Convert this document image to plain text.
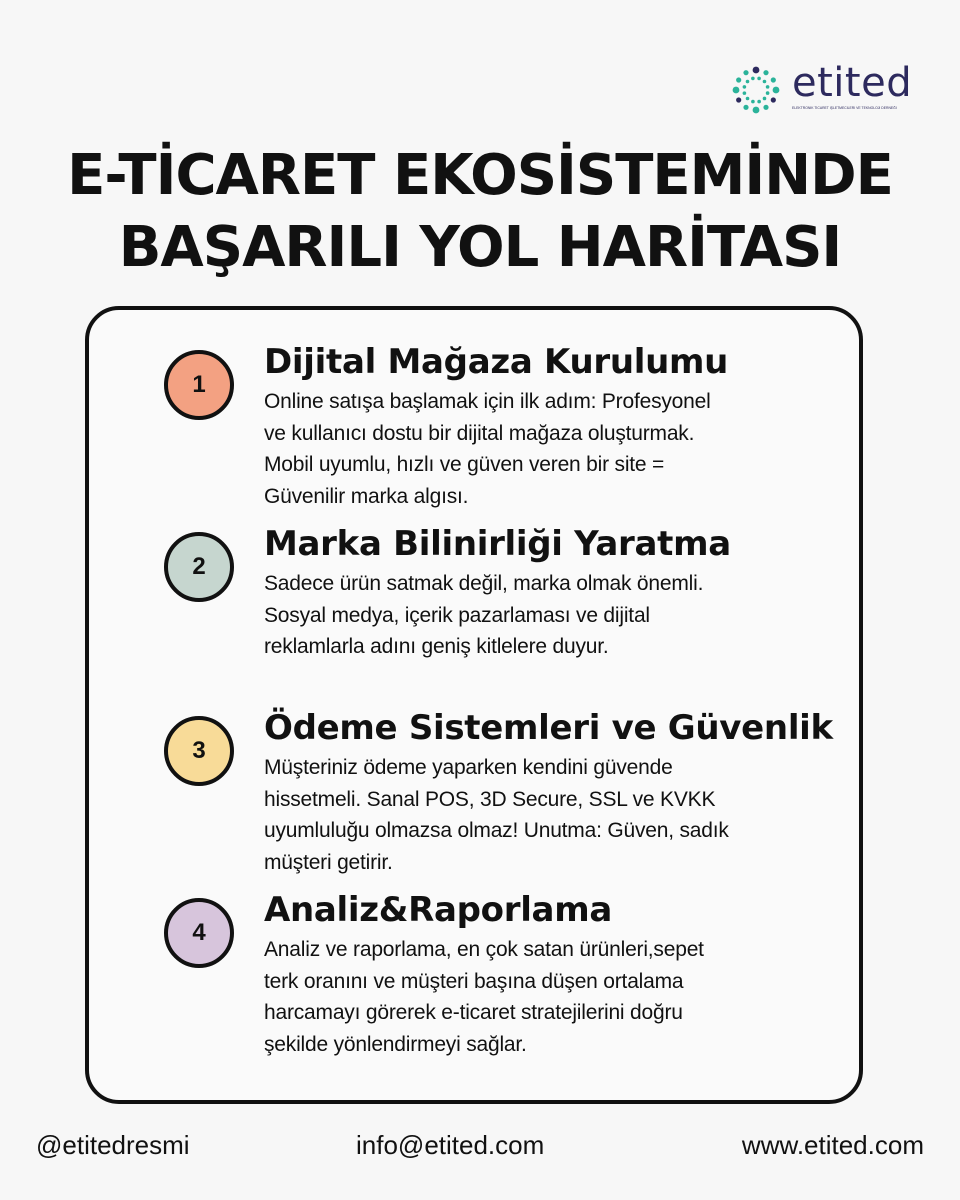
etited
ELEKTRONİK TİCARET İŞLETMECİLERİ VE TEKNOLOJİ DERNEĞİ
E-TİCARET EKOSİSTEMİNDE
BAŞARILI YOL HARİTASI
1
Dijital Mağaza Kurulumu

Online satışa başlamak için ilk adım: Profesyonel
ve kullanıcı dostu bir dijital mağaza oluşturmak.
Mobil uyumlu, hızlı ve güven veren bir site =
Güvenilir marka algısı.

2
Marka Bilinirliği Yaratma

Sadece ürün satmak değil, marka olmak önemli.
Sosyal medya, içerik pazarlaması ve dijital
reklamlarla adını geniş kitlelere duyur.

3
Ödeme Sistemleri ve Güvenlik

Müşteriniz ödeme yaparken kendini güvende
hissetmeli. Sanal POS, 3D Secure, SSL ve KVKK
uyumluluğu olmazsa olmaz! Unutma: Güven, sadık
müşteri getirir.

4
Analiz&Raporlama

Analiz ve raporlama, en çok satan ürünleri,sepet
terk oranını ve müşteri başına düşen ortalama
harcamayı görerek e-ticaret stratejilerini doğru
şekilde yönlendirmeyi sağlar.

@etitedresmi	info@etited.com	www.etited.com
